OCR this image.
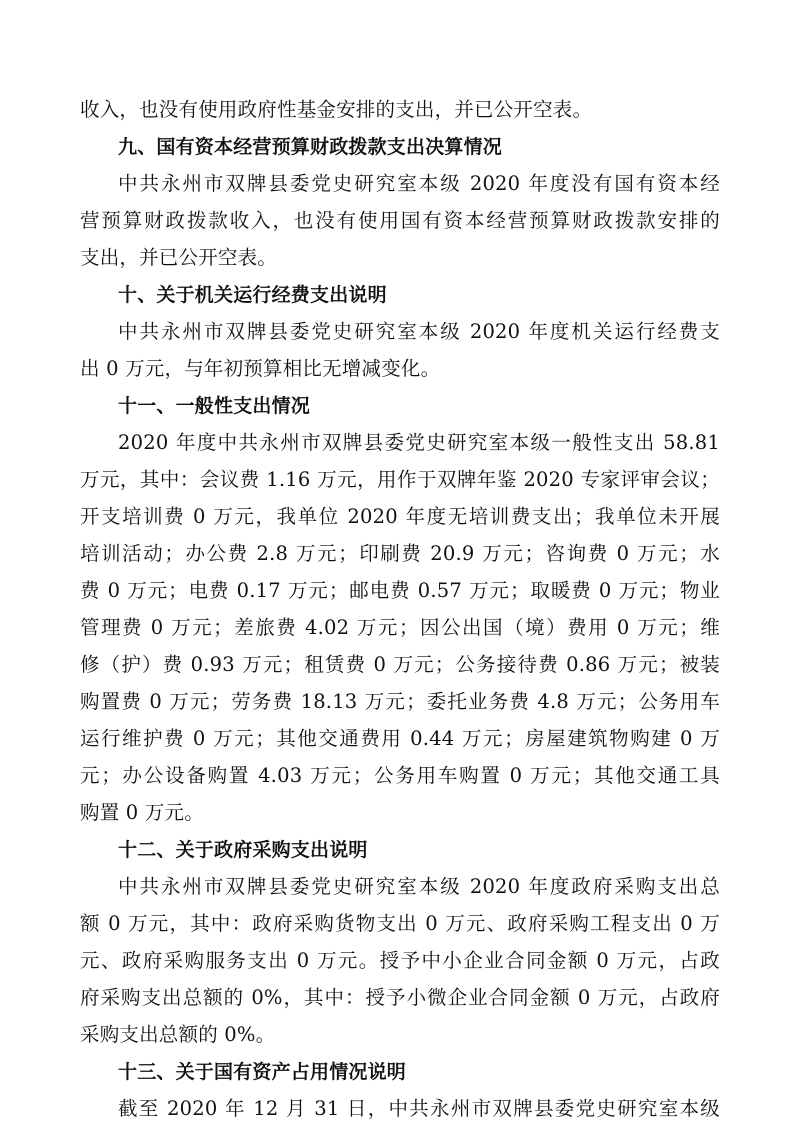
收入，也没有使用政府性基金安排的支出，并已公开空表。
九、国有资本经营预算财政拨款支出决算情况
中共永州市双牌县委党史研究室本级 2020 年度没有国有资本经
营预算财政拨款收入，也没有使用国有资本经营预算财政拨款安排的
支出，并已公开空表。
十、关于机关运行经费支出说明
中共永州市双牌县委党史研究室本级 2020 年度机关运行经费支
出 0 万元，与年初预算相比无增减变化。
十一、一般性支出情况
2020 年度中共永州市双牌县委党史研究室本级一般性支出 58.81
万元，其中：会议费 1.16 万元，用作于双牌年鉴 2020 专家评审会议；
开支培训费 0 万元，我单位 2020 年度无培训费支出；我单位未开展
培训活动；办公费 2.8 万元；印刷费 20.9 万元；咨询费 0 万元；水
费 0 万元；电费 0.17 万元；邮电费 0.57 万元；取暖费 0 万元；物业
管理费 0 万元；差旅费 4.02 万元；因公出国（境）费用 0 万元；维
修（护）费 0.93 万元；租赁费 0 万元；公务接待费 0.86 万元；被装
购置费 0 万元；劳务费 18.13 万元；委托业务费 4.8 万元；公务用车
运行维护费 0 万元；其他交通费用 0.44 万元；房屋建筑物购建 0 万
元；办公设备购置 4.03 万元；公务用车购置 0 万元；其他交通工具
购置 0 万元。
十二、关于政府采购支出说明
中共永州市双牌县委党史研究室本级 2020 年度政府采购支出总
额 0 万元，其中：政府采购货物支出 0 万元、政府采购工程支出 0 万
元、政府采购服务支出 0 万元。授予中小企业合同金额 0 万元，占政
府采购支出总额的 0%，其中：授予小微企业合同金额 0 万元，占政府
采购支出总额的 0%。
十三、关于国有资产占用情况说明
截至 2020 年 12 月 31 日，中共永州市双牌县委党史研究室本级
